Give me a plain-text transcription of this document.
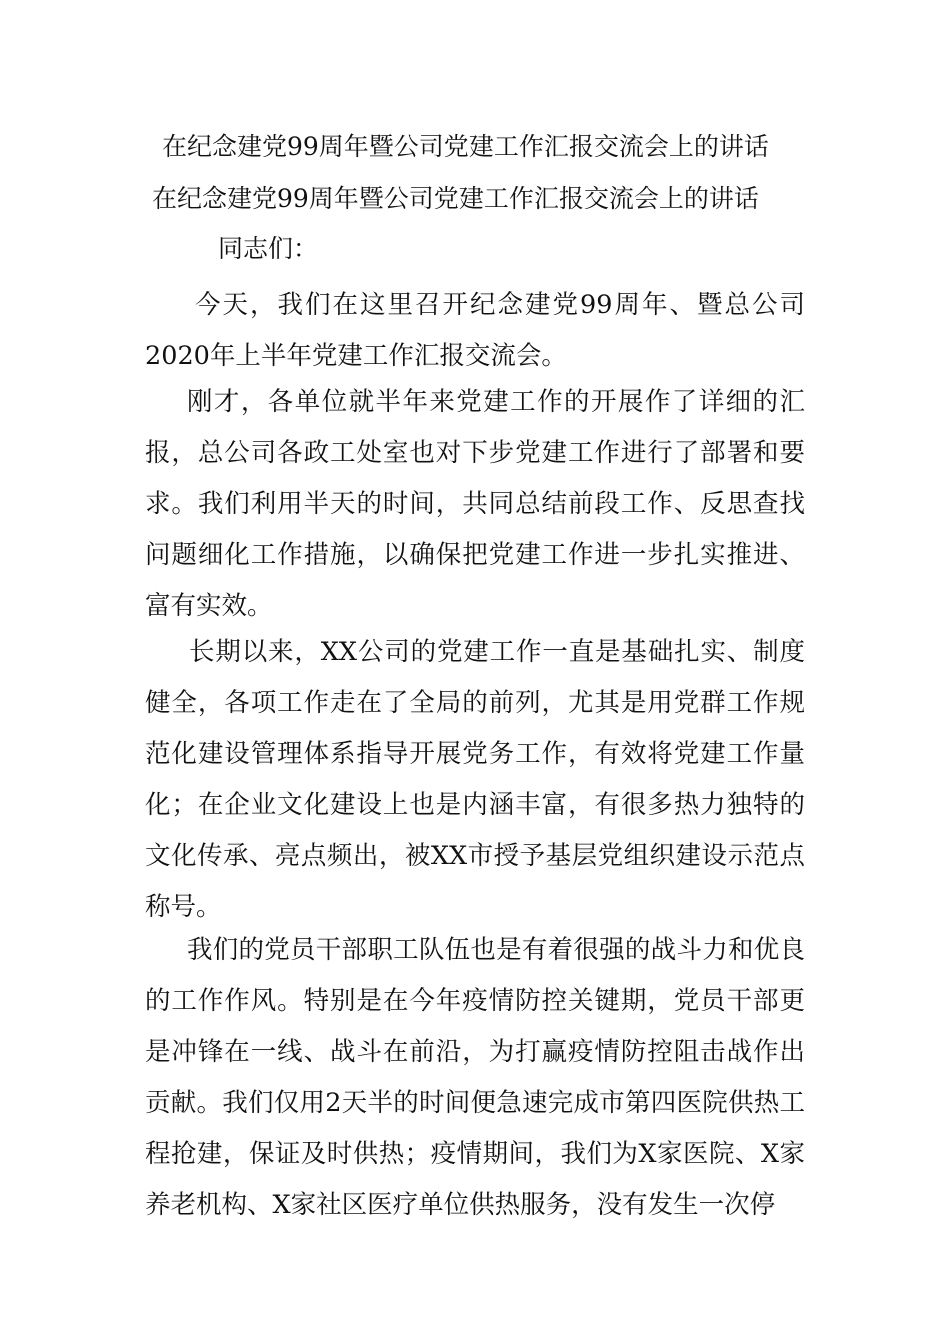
在纪念建党99周年暨公司党建工作汇报交流会上的讲话
在纪念建党99周年暨公司党建工作汇报交流会上的讲话
同志们：

今天，我们在这里召开纪念建党99周年、暨总公司2020年上半年党建工作汇报交流会。

刚才，各单位就半年来党建工作的开展作了详细的汇报，总公司各政工处室也对下步党建工作进行了部署和要求。我们利用半天的时间，共同总结前段工作、反思查找问题细化工作措施，以确保把党建工作进一步扎实推进、富有实效。

长期以来，XX公司的党建工作一直是基础扎实、制度健全，各项工作走在了全局的前列，尤其是用党群工作规范化建设管理体系指导开展党务工作，有效将党建工作量化；在企业文化建设上也是内涵丰富，有很多热力独特的文化传承、亮点频出，被XX市授予基层党组织建设示范点称号。

我们的党员干部职工队伍也是有着很强的战斗力和优良的工作作风。特别是在今年疫情防控关键期，党员干部更是冲锋在一线、战斗在前沿，为打赢疫情防控阻击战作出贡献。我们仅用2天半的时间便急速完成市第四医院供热工程抢建，保证及时供热；疫情期间，我们为X家医院、X家养老机构、X家社区医疗单位供热服务，没有发生一次停
